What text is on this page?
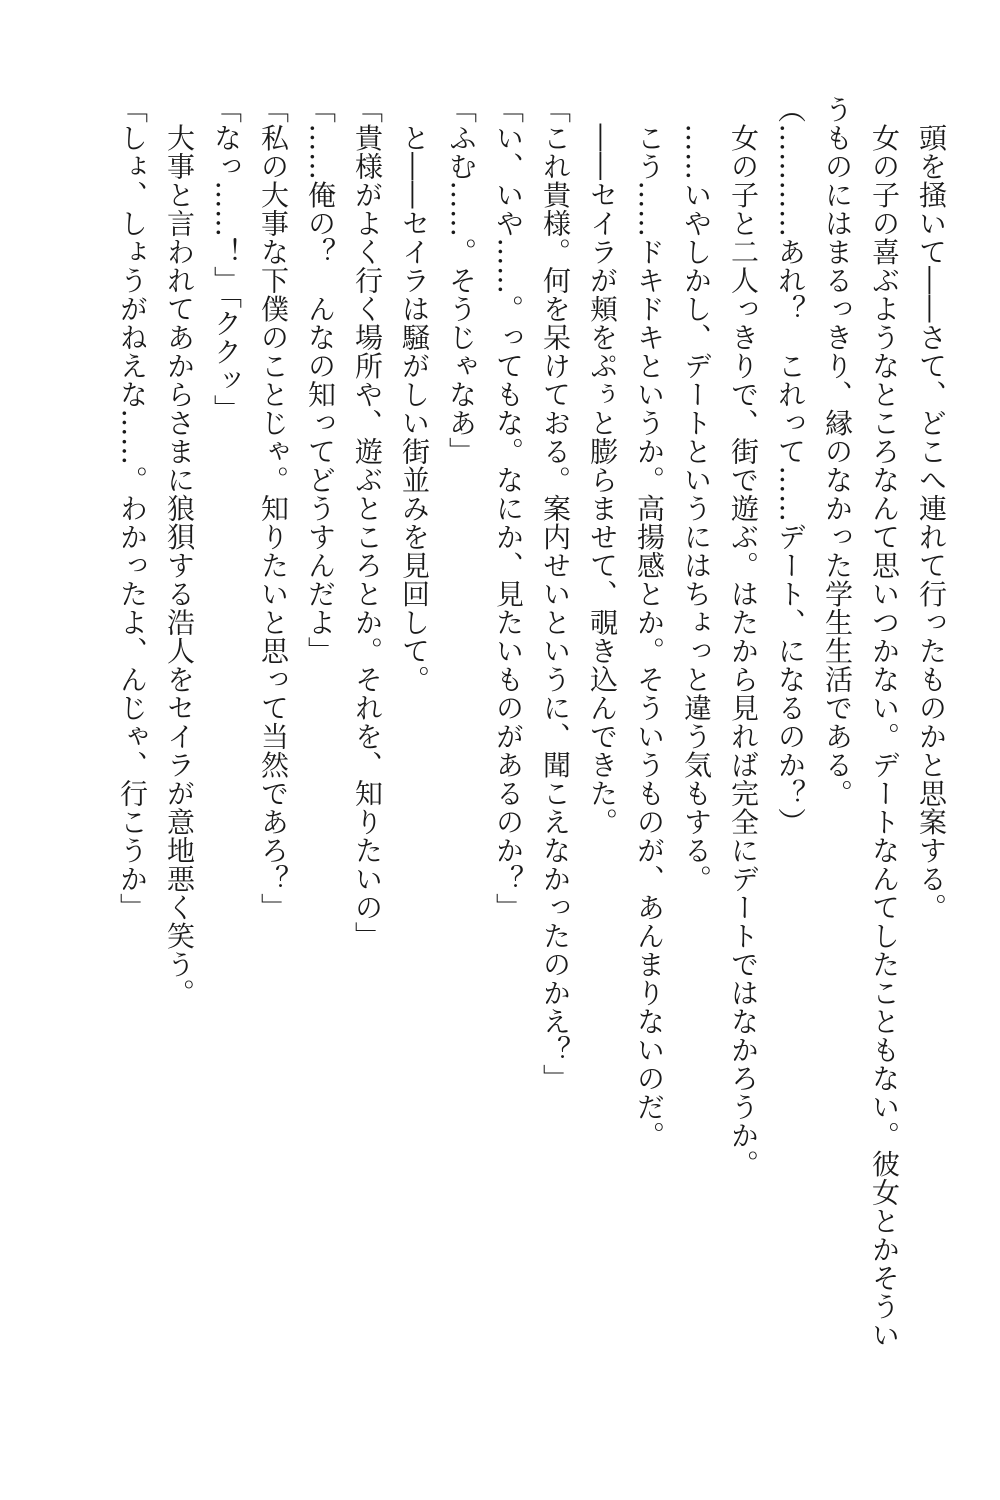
　頭を掻いて――さて、どこへ連れて行ったものかと思案する。
　女の子の喜ぶようなところなんて思いつかない。デートなんてしたこともない。彼女とかそうい
うものにはまるっきり、縁のなかった学生生活である。
（…………あれ？　これって……デート、になるのか？）
　女の子と二人っきりで、街で遊ぶ。はたから見れば完全にデートではなかろうか。
　……いやしかし、デートというにはちょっと違う気もする。
　こう……ドキドキというか。高揚感とか。そういうものが、あんまりないのだ。
　――セイラが頬をぷぅと膨らませて、覗き込んできた。
「これ貴様。何を呆けておる。案内せいというに、聞こえなかったのかえ？」
「い、いや……。ってもな。なにか、見たいものがあるのか？」
「ふむ……。そうじゃなあ」
　と――セイラは騒がしい街並みを見回して。
「貴様がよく行く場所や、遊ぶところとか。それを、知りたいの」
「……俺の？　んなの知ってどうすんだよ」
「私の大事な下僕のことじゃ。知りたいと思って当然であろ？」
「なっ……！」「ククッ」
　大事と言われてあからさまに狼狽する浩人をセイラが意地悪く笑う。
「しょ、しょうがねえな……。わかったよ、んじゃ、行こうか」
